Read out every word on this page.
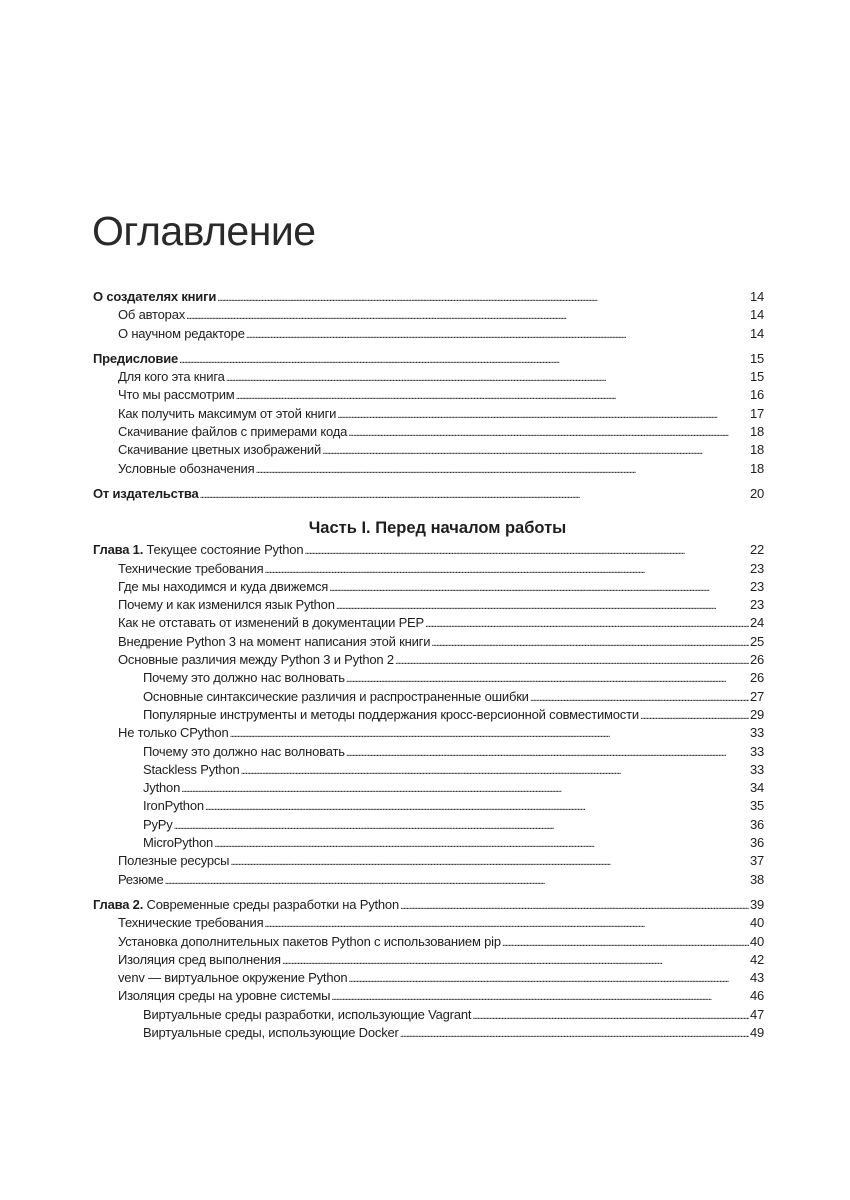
Оглавление
О создателях книги . . .	14
Об авторах . . .	14
О научном редакторе . . .	14
Предисловие . . .	15
Для кого эта книга . . .	15
Что мы рассмотрим . . .	16
Как получить максимум от этой книги . . .	17
Скачивание файлов с примерами кода . . .	18
Скачивание цветных изображений . . .	18
Условные обозначения . . .	18
От издательства . . .	20
Часть I. Перед началом работы
Глава 1. Текущее состояние Python . . .	22
Технические требования . . .	23
Где мы находимся и куда движемся . . .	23
Почему и как изменился язык Python . . .	23
Как не отставать от изменений в документации PEP . . .	24
Внедрение Python 3 на момент написания этой книги . . .	25
Основные различия между Python 3 и Python 2 . . .	26
Почему это должно нас волновать . . .	26
Основные синтаксические различия и распространенные ошибки . . .	27
Популярные инструменты и методы поддержания кросс-версионной совместимости . . .	29
Не только CPython . . .	33
Почему это должно нас волновать . . .	33
Stackless Python . . .	33
Jython . . .	34
IronPython . . .	35
PyPy . . .	36
MicroPython . . .	36
Полезные ресурсы . . .	37
Резюме . . .	38
Глава 2. Современные среды разработки на Python . . .	39
Технические требования . . .	40
Установка дополнительных пакетов Python с использованием pip . . .	40
Изоляция сред выполнения . . .	42
venv — виртуальное окружение Python . . .	43
Изоляция среды на уровне системы . . .	46
Виртуальные среды разработки, использующие Vagrant . . .	47
Виртуальные среды, использующие Docker . . .	49
